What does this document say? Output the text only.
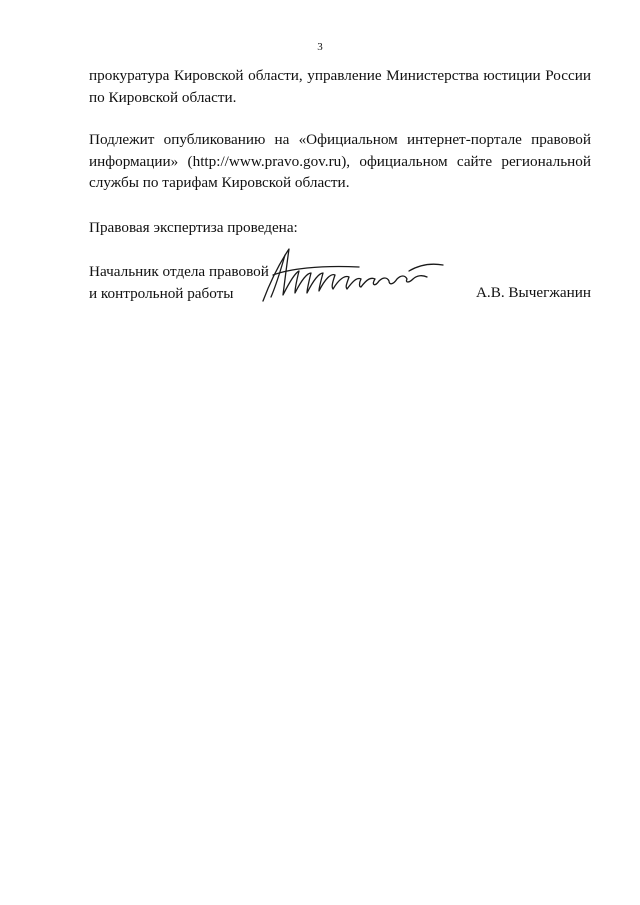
3
прокуратура Кировской области, управление Министерства юстиции России
по Кировской области.
Подлежит опубликованию на «Официальном интернет-портале правовой
информации» (http://www.pravo.gov.ru), официальном сайте региональной
службы по тарифам Кировской области.
Правовая экспертиза проведена:
Начальник отдела правовой
и контрольной работы	А.В. Вычегжанин
